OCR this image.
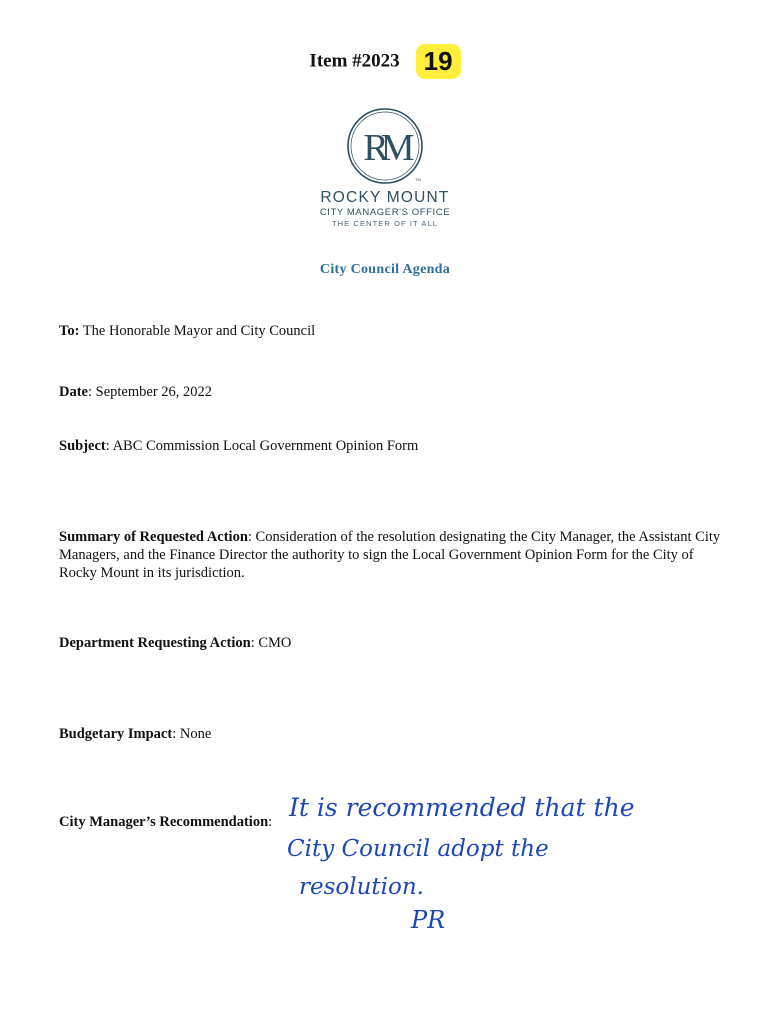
Item #2023 19
RM
TM
ROCKY MOUNT
CITY MANAGER'S OFFICE
THE CENTER OF IT ALL
City Council Agenda
To: The Honorable Mayor and City Council
Date: September 26, 2022
Subject: ABC Commission Local Government Opinion Form
Summary of Requested Action: Consideration of the resolution designating the City Manager, the Assistant City Managers, and the Finance Director the authority to sign the Local Government Opinion Form for the City of Rocky Mount in its jurisdiction.
Department Requesting Action: CMO
Budgetary Impact: None
City Manager’s Recommendation: It is recommended that the
City Council adopt the
resolution.
PR
